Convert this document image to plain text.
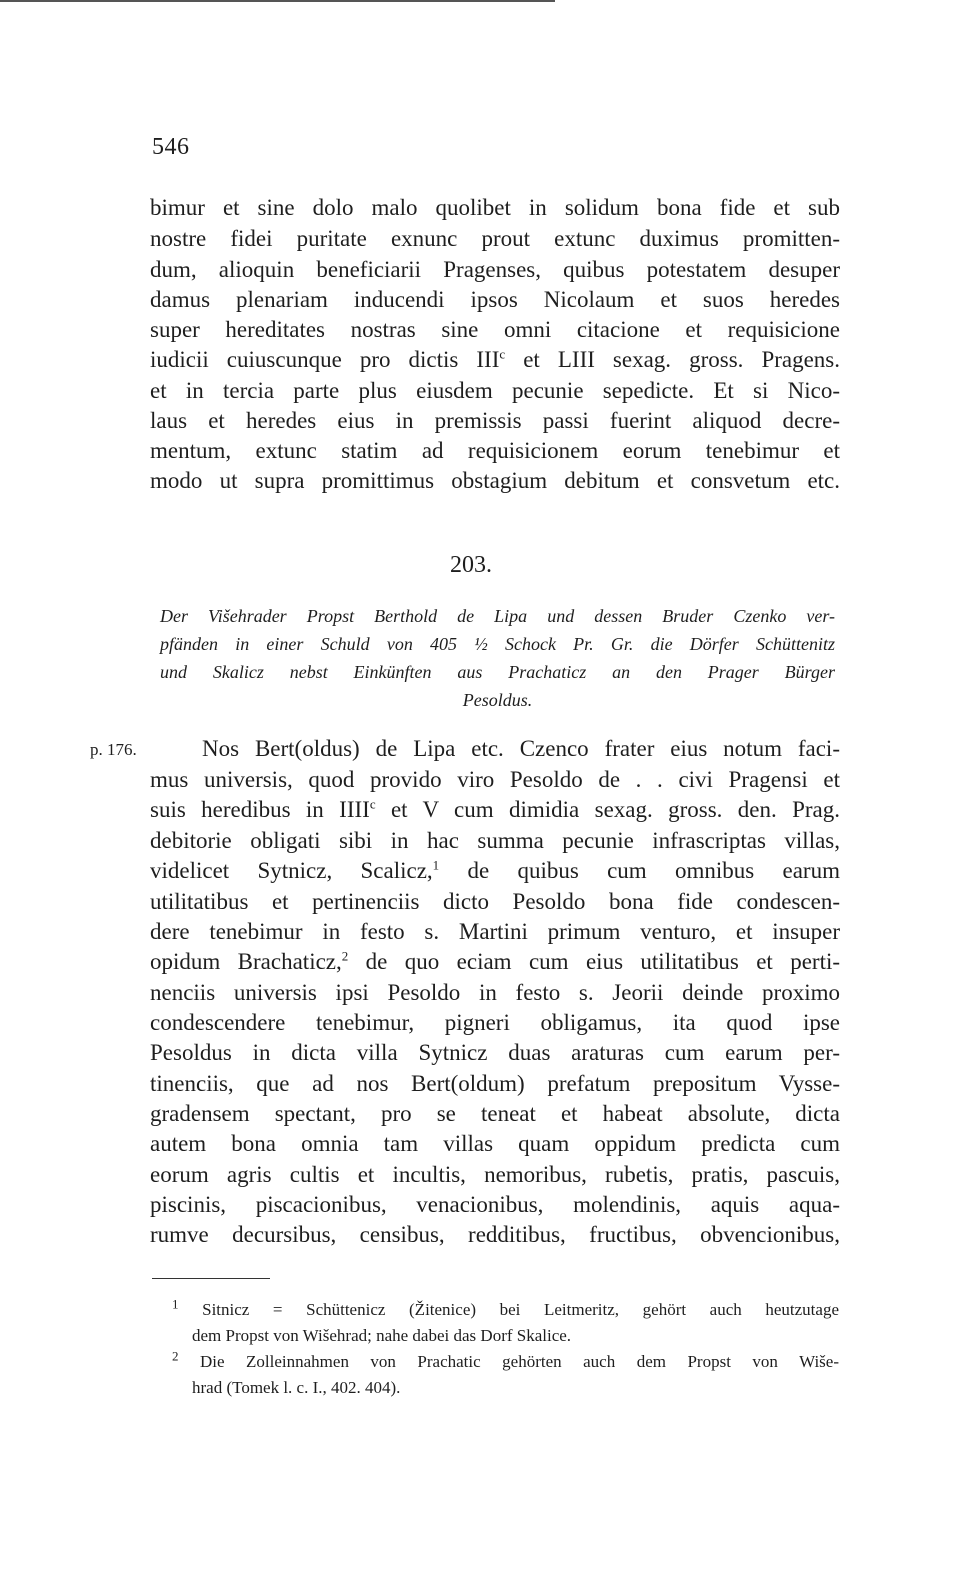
546
bimur et sine dolo malo quolibet in solidum bona fide et sub
nostre fidei puritate exnunc prout extunc duximus promitten-
dum, alioquin beneficiarii Pragenses, quibus potestatem desuper
damus plenariam inducendi ipsos Nicolaum et suos heredes
super hereditates nostras sine omni citacione et requisicione
iudicii cuiuscunque pro dictis III$^c$ et LIII sexag. gross. Pragens.
et in tercia parte plus eiusdem pecunie sepedicte. Et si Nico-
laus et heredes eius in premissis passi fuerint aliquod decre-
mentum, extunc statim ad requisicionem eorum tenebimur et
modo ut supra promittimus obstagium debitum et consvetum etc.
203.
Der Višehrader Propst Berthold de Lipa und dessen Bruder Czenko ver-
pfänden in einer Schuld von 405 ½ Schock Pr. Gr. die Dörfer Schüttenitz
und Skalicz nebst Einkünften aus Prachaticz an den Prager Bürger
Pesoldus.
p. 176.	Nos Bert(oldus) de Lipa etc. Czenco frater eius notum faci-
mus universis, quod provido viro Pesoldo de . . civi Pragensi et
suis heredibus in IIII$^c$ et V cum dimidia sexag. gross. den. Prag.
debitorie obligati sibi in hac summa pecunie infrascriptas villas,
videlicet Sytnicz, Scalicz,$^1$ de quibus cum omnibus earum
utilitatibus et pertinenciis dicto Pesoldo bona fide condescen-
dere tenebimur in festo s. Martini primum venturo, et insuper
opidum Brachaticz,$^2$ de quo eciam cum eius utilitatibus et perti-
nenciis universis ipsi Pesoldo in festo s. Jeorii deinde proximo
condescendere tenebimur, pigneri obligamus, ita quod ipse
Pesoldus in dicta villa Sytnicz duas araturas cum earum per-
tinenciis, que ad nos Bert(oldum) prefatum prepositum Vysse-
gradensem spectant, pro se teneat et habeat absolute, dicta
autem bona omnia tam villas quam oppidum predicta cum
eorum agris cultis et incultis, nemoribus, rubetis, pratis, pascuis,
piscinis, piscacionibus, venacionibus, molendinis, aquis aqua-
rumve decursibus, censibus, redditibus, fructibus, obvencionibus,
$^1$ Sitnicz = Schüttenicz (Žitenice) bei Leitmeritz, gehört auch heutzutage
dem Propst von Wišehrad; nahe dabei das Dorf Skalice.
$^2$ Die Zolleinnahmen von Prachatic gehörten auch dem Propst von Wiše-
hrad (Tomek l. c. I., 402. 404).
